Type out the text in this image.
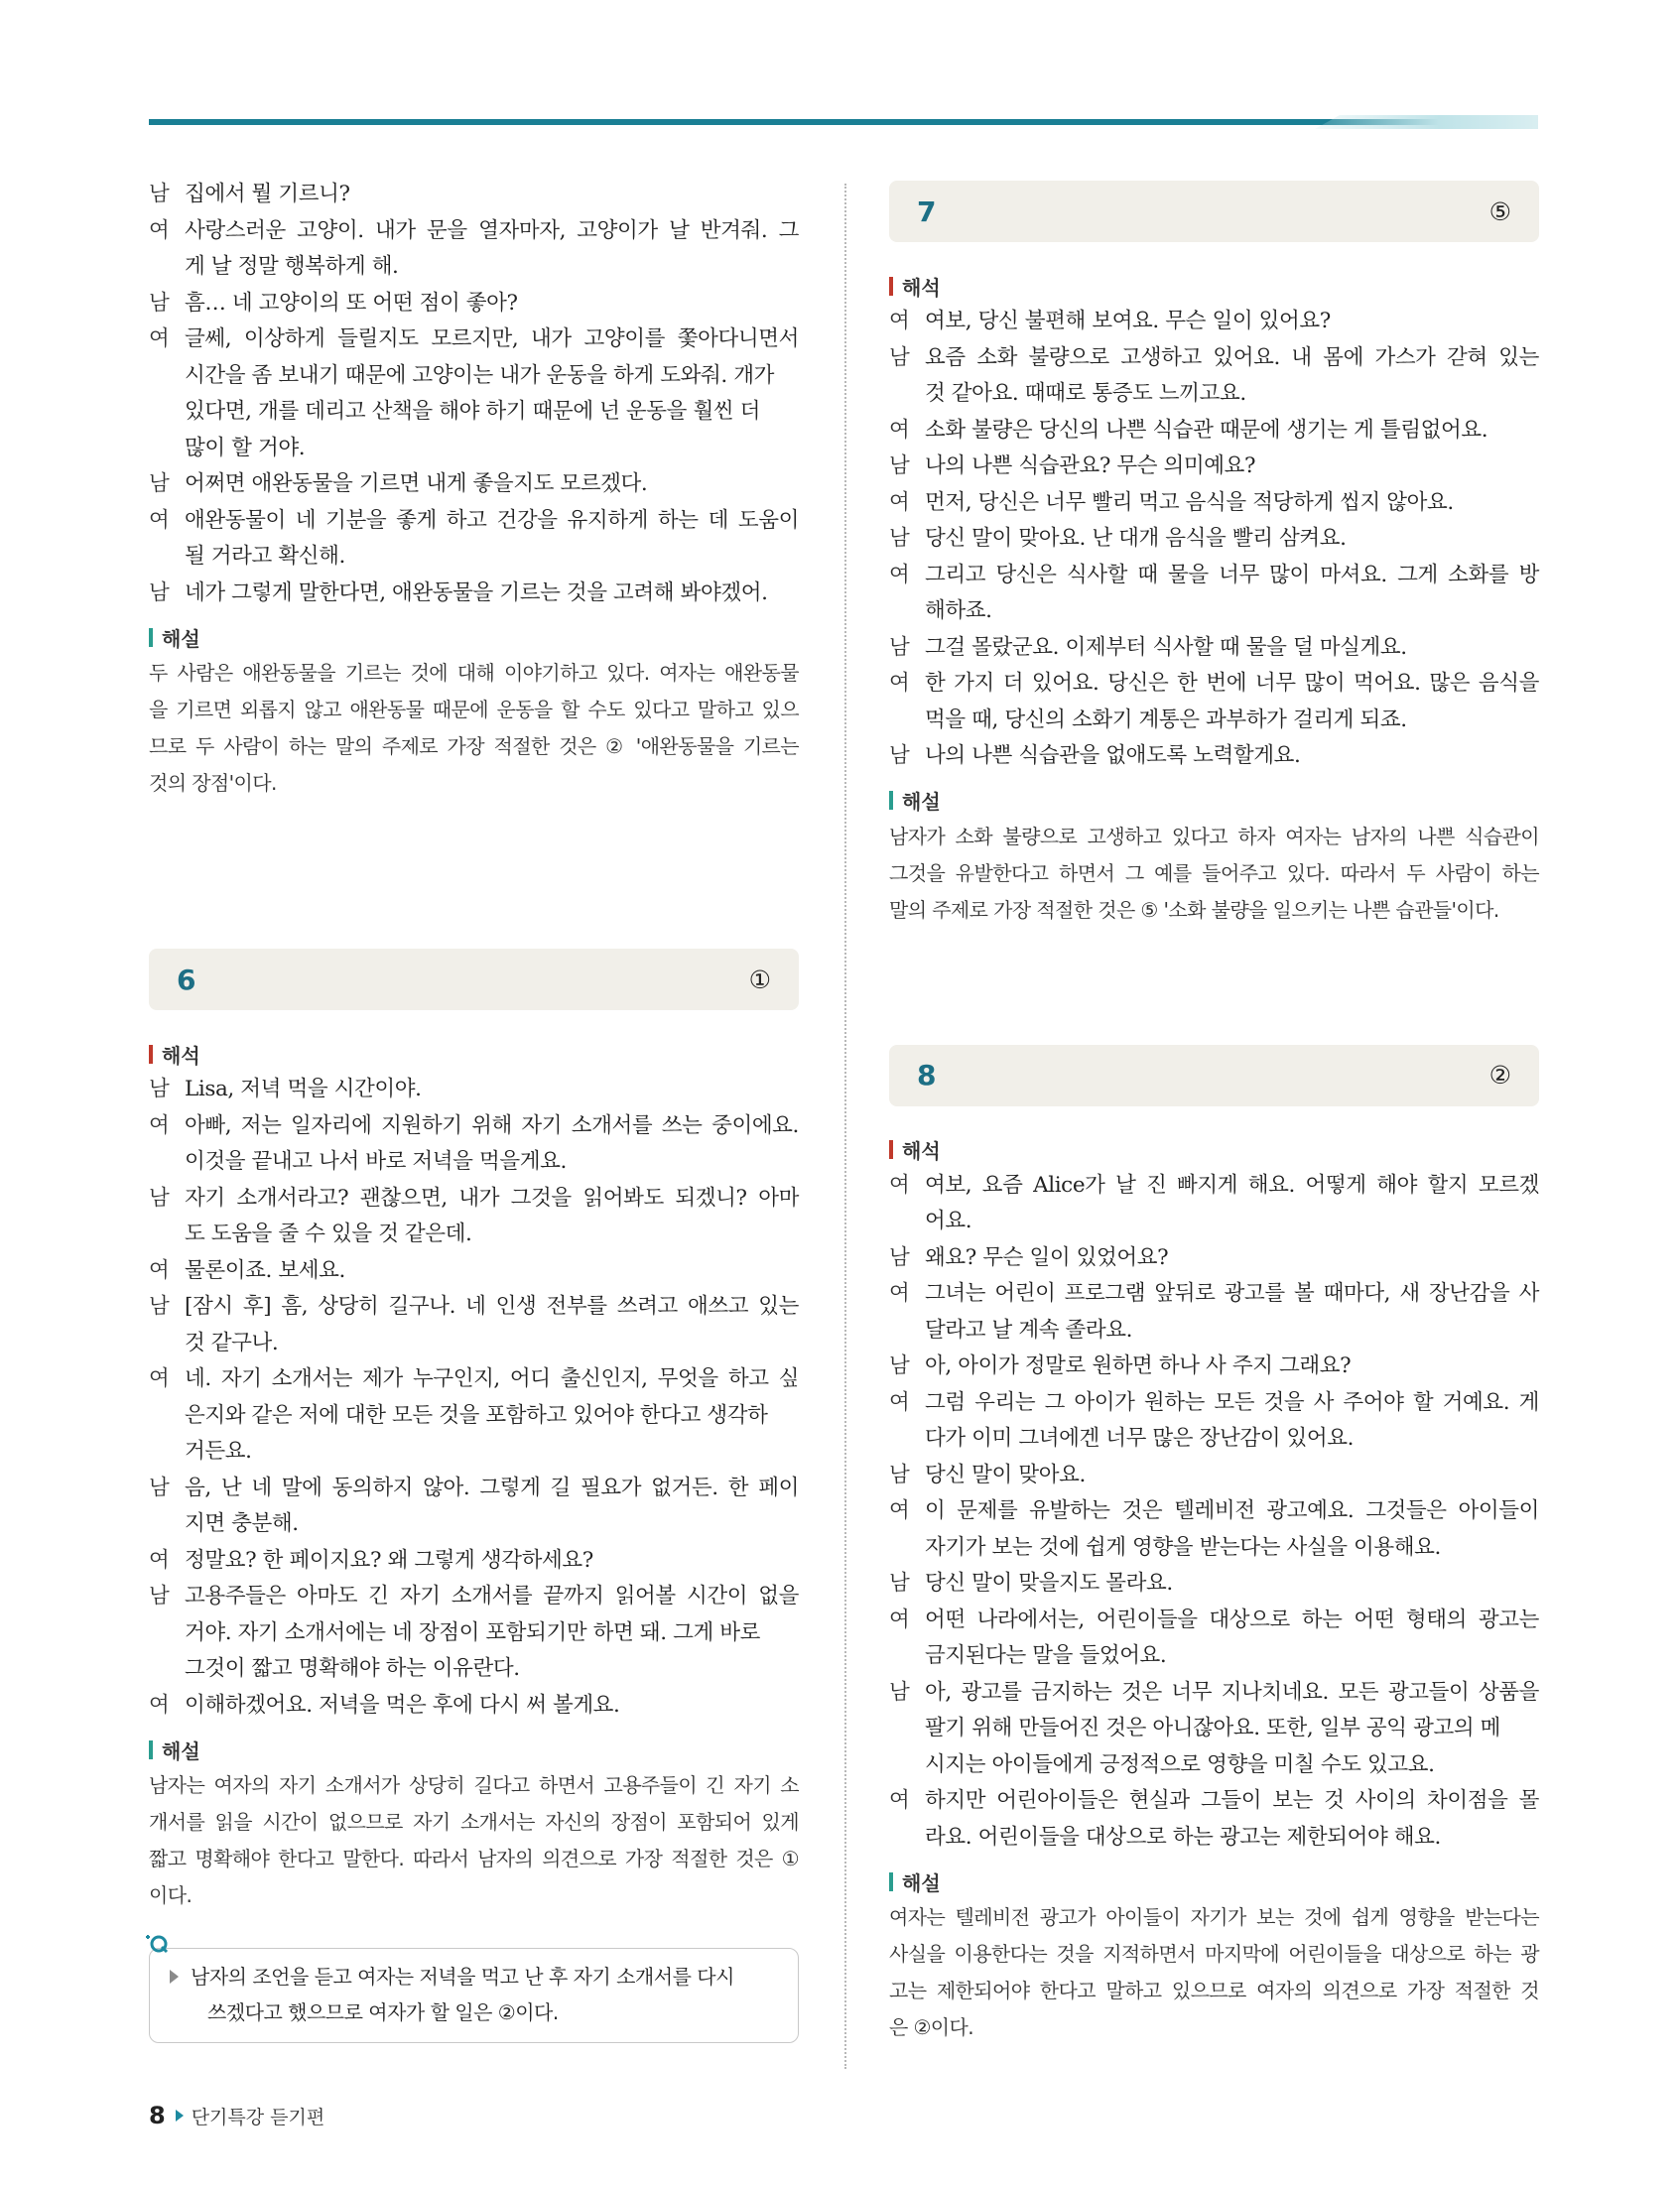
남 집에서 뭘 기르니?
여 사랑스러운 고양이. 내가 문을 열자마자, 고양이가 날 반겨줘. 그
게 날 정말 행복하게 해.
남 흠… 네 고양이의 또 어떤 점이 좋아?
여 글쎄, 이상하게 들릴지도 모르지만, 내가 고양이를 쫓아다니면서
시간을 좀 보내기 때문에 고양이는 내가 운동을 하게 도와줘. 개가
있다면, 개를 데리고 산책을 해야 하기 때문에 넌 운동을 훨씬 더
많이 할 거야.
남 어쩌면 애완동물을 기르면 내게 좋을지도 모르겠다.
여 애완동물이 네 기분을 좋게 하고 건강을 유지하게 하는 데 도움이
될 거라고 확신해.
남 네가 그렇게 말한다면, 애완동물을 기르는 것을 고려해 봐야겠어.
해설
두 사람은 애완동물을 기르는 것에 대해 이야기하고 있다. 여자는 애완동물
을 기르면 외롭지 않고 애완동물 때문에 운동을 할 수도 있다고 말하고 있으
므로 두 사람이 하는 말의 주제로 가장 적절한 것은 ② '애완동물을 기르는
것의 장점'이다.
6	①
해석
남 Lisa, 저녁 먹을 시간이야.
여 아빠, 저는 일자리에 지원하기 위해 자기 소개서를 쓰는 중이에요.
이것을 끝내고 나서 바로 저녁을 먹을게요.
남 자기 소개서라고? 괜찮으면, 내가 그것을 읽어봐도 되겠니? 아마
도 도움을 줄 수 있을 것 같은데.
여 물론이죠. 보세요.
남 [잠시 후] 흠, 상당히 길구나. 네 인생 전부를 쓰려고 애쓰고 있는
것 같구나.
여 네. 자기 소개서는 제가 누구인지, 어디 출신인지, 무엇을 하고 싶
은지와 같은 저에 대한 모든 것을 포함하고 있어야 한다고 생각하
거든요.
남 음, 난 네 말에 동의하지 않아. 그렇게 길 필요가 없거든. 한 페이
지면 충분해.
여 정말요? 한 페이지요? 왜 그렇게 생각하세요?
남 고용주들은 아마도 긴 자기 소개서를 끝까지 읽어볼 시간이 없을
거야. 자기 소개서에는 네 장점이 포함되기만 하면 돼. 그게 바로
그것이 짧고 명확해야 하는 이유란다.
여 이해하겠어요. 저녁을 먹은 후에 다시 써 볼게요.
해설
남자는 여자의 자기 소개서가 상당히 길다고 하면서 고용주들이 긴 자기 소
개서를 읽을 시간이 없으므로 자기 소개서는 자신의 장점이 포함되어 있게
짧고 명확해야 한다고 말한다. 따라서 남자의 의견으로 가장 적절한 것은 ①
이다.
남자의 조언을 듣고 여자는 저녁을 먹고 난 후 자기 소개서를 다시
쓰겠다고 했으므로 여자가 할 일은 ②이다.
7	⑤
해석
여 여보, 당신 불편해 보여요. 무슨 일이 있어요?
남 요즘 소화 불량으로 고생하고 있어요. 내 몸에 가스가 갇혀 있는
것 같아요. 때때로 통증도 느끼고요.
여 소화 불량은 당신의 나쁜 식습관 때문에 생기는 게 틀림없어요.
남 나의 나쁜 식습관요? 무슨 의미예요?
여 먼저, 당신은 너무 빨리 먹고 음식을 적당하게 씹지 않아요.
남 당신 말이 맞아요. 난 대개 음식을 빨리 삼켜요.
여 그리고 당신은 식사할 때 물을 너무 많이 마셔요. 그게 소화를 방
해하죠.
남 그걸 몰랐군요. 이제부터 식사할 때 물을 덜 마실게요.
여 한 가지 더 있어요. 당신은 한 번에 너무 많이 먹어요. 많은 음식을
먹을 때, 당신의 소화기 계통은 과부하가 걸리게 되죠.
남 나의 나쁜 식습관을 없애도록 노력할게요.
해설
남자가 소화 불량으로 고생하고 있다고 하자 여자는 남자의 나쁜 식습관이
그것을 유발한다고 하면서 그 예를 들어주고 있다. 따라서 두 사람이 하는
말의 주제로 가장 적절한 것은 ⑤ '소화 불량을 일으키는 나쁜 습관들'이다.
8	②
해석
여 여보, 요즘 Alice가 날 진 빠지게 해요. 어떻게 해야 할지 모르겠
어요.
남 왜요? 무슨 일이 있었어요?
여 그녀는 어린이 프로그램 앞뒤로 광고를 볼 때마다, 새 장난감을 사
달라고 날 계속 졸라요.
남 아, 아이가 정말로 원하면 하나 사 주지 그래요?
여 그럼 우리는 그 아이가 원하는 모든 것을 사 주어야 할 거예요. 게
다가 이미 그녀에겐 너무 많은 장난감이 있어요.
남 당신 말이 맞아요.
여 이 문제를 유발하는 것은 텔레비전 광고예요. 그것들은 아이들이
자기가 보는 것에 쉽게 영향을 받는다는 사실을 이용해요.
남 당신 말이 맞을지도 몰라요.
여 어떤 나라에서는, 어린이들을 대상으로 하는 어떤 형태의 광고는
금지된다는 말을 들었어요.
남 아, 광고를 금지하는 것은 너무 지나치네요. 모든 광고들이 상품을
팔기 위해 만들어진 것은 아니잖아요. 또한, 일부 공익 광고의 메
시지는 아이들에게 긍정적으로 영향을 미칠 수도 있고요.
여 하지만 어린아이들은 현실과 그들이 보는 것 사이의 차이점을 몰
라요. 어린이들을 대상으로 하는 광고는 제한되어야 해요.
해설
여자는 텔레비전 광고가 아이들이 자기가 보는 것에 쉽게 영향을 받는다는
사실을 이용한다는 것을 지적하면서 마지막에 어린이들을 대상으로 하는 광
고는 제한되어야 한다고 말하고 있으므로 여자의 의견으로 가장 적절한 것
은 ②이다.
8 단기특강 듣기편
